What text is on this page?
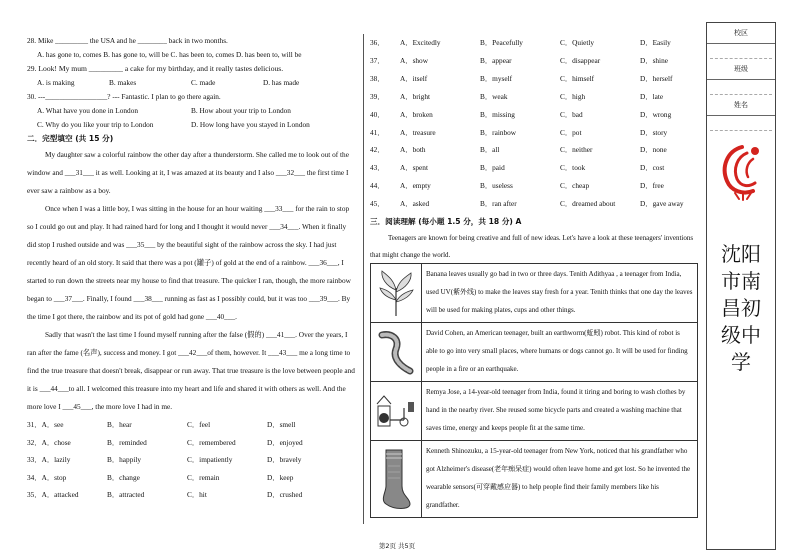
28. Mike _________ the USA and he ________ back in two months.
A. has gone to, comes B. has gone to, will be C. has been to, comes D. has been to, will be
29. Look! My mum _________ a cake for my birthday, and it really tastes delicious.
A. is making	B. makes	C. made	D. has made
30. ---_________________? --- Fantastic. I plan to go there again.
A. What have you done in London	B. How about your trip to London
C. Why do you like your trip to London	D. How long have you stayed in London
二．完型填空 (共 15 分)
My daughter saw a colorful rainbow the other day after a thunderstorm. She called me to look out of the window and ___31___ it as well. Looking at it, I was amazed at its beauty and I also ___32___ the first time I ever saw a rainbow as a boy.
Once when I was a little boy, I was sitting in the house for an hour waiting ___33___ for the rain to stop so I could go out and play. It had rained hard for long and I thought it would never ___34___. When it finally did stop I rushed outside and was ___35___ by the beautiful sight of the rainbow across the sky. I had just recently heard of an old story. It said that there was a pot (罐子) of gold at the end of a rainbow. ___36___, I started to run down the streets near my house to find that treasure. The quicker I ran, though, the more rainbow began to ___37___. Finally, I found ___38___ running as fast as I possibly could, but it was too ___39___. By the time I got there, the rainbow and its pot of gold had gone ___40___.
Sadly that wasn't the last time I found myself running after the false (假的) ___41___. Over the years, I ran after the fame (名声), success and money. I got ___42___of them, however. It ___43___ me a long time to find the true treasure that doesn't break, disappear or run away. That true treasure is the love between people and it is ___44___to all. I welcomed this treasure into my heart and life and shared it with others as well. And the more love I ___45___, the more love I had in me.
31．A．see	B．hear	C．feel	D．smell
32．A．chose	B．reminded	C．remembered	D．enjoyed
33．A．lazily	B．happily	C．impatiently	D．bravely
34．A．stop	B．change	C．remain	D．keep
35．A．attacked	B．attracted	C．hit	D．crushed
36．	A．Excitedly	B．Peacefully	C．Quietly	D．Easily
37．	A．show	B．appear	C．disappear	D．shine
38．	A．itself	B．myself	C．himself	D．herself
39．	A．bright	B．weak	C．high	D．late
40．	A．broken	B．missing	C．bad	D．wrong
41．	A．treasure	B．rainbow	C．pot	D．story
42．	A．both	B．all	C．neither	D．none
43．	A．spent	B．paid	C．took	D．cost
44．	A．empty	B．useless	C．cheap	D．free
45．	A．asked	B．ran after	C．dreamed about	D．gave away
三．阅读理解 (每小题 1.5 分，共 18 分) A
Teenagers are known for being creative and full of new ideas. Let's have a look at these teenagers' inventions that might change the world.
Banana leaves usually go bad in two or three days. Tenith Adithyaa , a teenager from India, used UV(紫外线) to make the leaves stay fresh for a year. Tenith thinks that one day the leaves will be used for making plates, cups and other things.
David Cohen, an American teenager, built an earthworm(蚯蚓) robot. This kind of robot is able to go into very small places, where humans or dogs cannot go. It will be used for finding people in a fire or an earthquake.
Remya Jose, a 14-year-old teenager from India, found it tiring and boring to wash clothes by hand in the nearby river. She reused some bicycle parts and created a washing machine that saves time, energy and keeps people fit at the same time.
Kenneth Shinozuku, a 15-year-old teenager from New York, noticed that his grandfather who got Alzheimer's disease(老年痴呆症) would often leave home and get lost. So he invented the wearable sensors(可穿戴感应器) to help people find their family members like his grandfather.
校区
班级
姓名
沈阳市南昌初级中学
第2页 共5页
